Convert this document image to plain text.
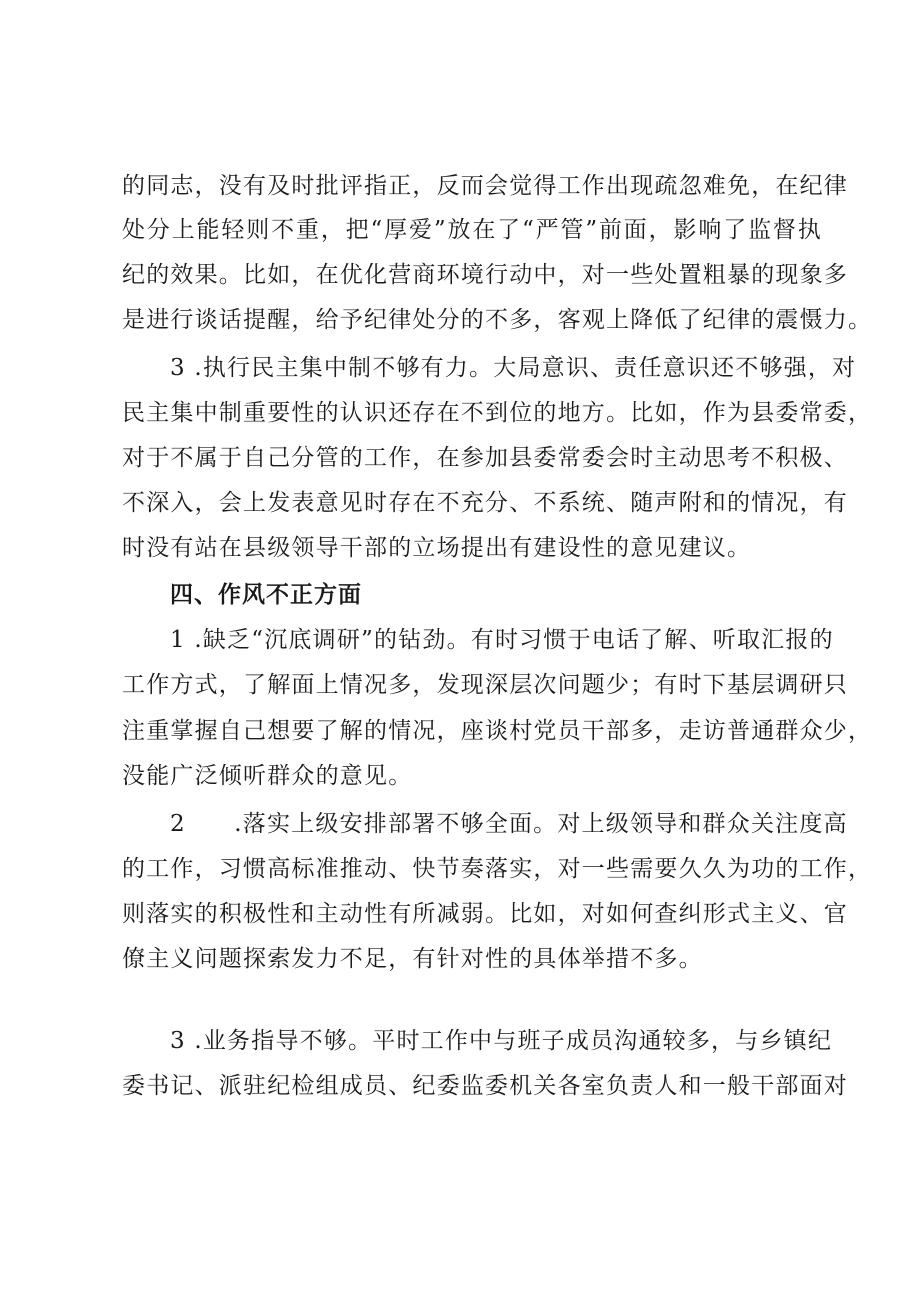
的同志，没有及时批评指正，反而会觉得工作出现疏忽难免，在纪律
处分上能轻则不重，把“厚爱”放在了“严管”前面，影响了监督执
纪的效果。比如，在优化营商环境行动中，对一些处置粗暴的现象多
是进行谈话提醒，给予纪律处分的不多，客观上降低了纪律的震慑力。
3 .执行民主集中制不够有力。大局意识、责任意识还不够强，对
民主集中制重要性的认识还存在不到位的地方。比如，作为县委常委，
对于不属于自己分管的工作，在参加县委常委会时主动思考不积极、
不深入，会上发表意见时存在不充分、不系统、随声附和的情况，有
时没有站在县级领导干部的立场提出有建设性的意见建议。
四、作风不正方面
1 .缺乏“沉底调研”的钻劲。有时习惯于电话了解、听取汇报的
工作方式，了解面上情况多，发现深层次问题少；有时下基层调研只
注重掌握自己想要了解的情况，座谈村党员干部多，走访普通群众少，
没能广泛倾听群众的意见。
2　　.落实上级安排部署不够全面。对上级领导和群众关注度高
的工作，习惯高标准推动、快节奏落实，对一些需要久久为功的工作，
则落实的积极性和主动性有所减弱。比如，对如何查纠形式主义、官
僚主义问题探索发力不足，有针对性的具体举措不多。
3 .业务指导不够。平时工作中与班子成员沟通较多，与乡镇纪
委书记、派驻纪检组成员、纪委监委机关各室负责人和一般干部面对
